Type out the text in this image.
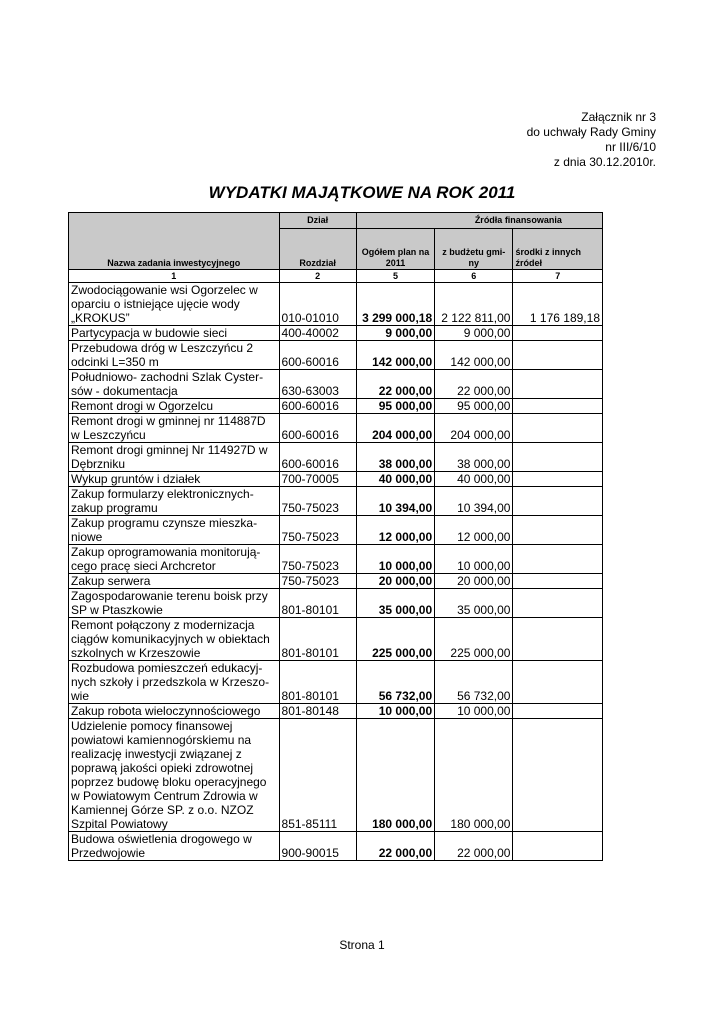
Załącznik nr 3
do uchwały Rady Gminy
nr III/6/10
z dnia 30.12.2010r.
WYDATKI MAJĄTKOWE NA ROK 2011
Nazwa zadania inwestycyjnego	Dział		Źródła finansowania	
	Rozdział	Ogółem plan na 2011	z budżetu gmi- ny	środki z innych źródeł
1	2	5	6	7
Zwodociągowanie wsi Ogorzelec w oparciu o istniejące ujęcie wody „KROKUS”	010-01010	3 299 000,18	2 122 811,00	1 176 189,18
Partycypacja w budowie sieci	400-40002	9 000,00	9 000,00	
Przebudowa dróg w Leszczyńcu 2 odcinki L=350 m	600-60016	142 000,00	142 000,00	
Południowo- zachodni Szlak Cyster- sów - dokumentacja	630-63003	22 000,00	22 000,00	
Remont drogi w Ogorzelcu	600-60016	95 000,00	95 000,00	
Remont drogi w gminnej nr 114887D w Leszczyńcu	600-60016	204 000,00	204 000,00	
Remont drogi gminnej Nr 114927D w Dębrzniku	600-60016	38 000,00	38 000,00	
Wykup gruntów i działek	700-70005	40 000,00	40 000,00	
Zakup formularzy elektronicznych- zakup programu	750-75023	10 394,00	10 394,00	
Zakup programu czynsze mieszka- niowe	750-75023	12 000,00	12 000,00	
Zakup oprogramowania monitorują- cego pracę sieci Archcretor	750-75023	10 000,00	10 000,00	
Zakup serwera	750-75023	20 000,00	20 000,00	
Zagospodarowanie terenu boisk przy SP w Ptaszkowie	801-80101	35 000,00	35 000,00	
Remont połączony z modernizacja ciągów komunikacyjnych w obiektach szkolnych w Krzeszowie	801-80101	225 000,00	225 000,00	
Rozbudowa pomieszczeń edukacyj- nych szkoły i przedszkola w Krzeszo- wie	801-80101	56 732,00	56 732,00	
Zakup robota wieloczynnościowego	801-80148	10 000,00	10 000,00	
Udzielenie pomocy finansowej powiatowi kamiennogórskiemu na realizację inwestycji związanej z poprawą jakości opieki zdrowotnej poprzez budowę bloku operacyjnego w Powiatowym Centrum Zdrowia w Kamiennej Górze SP. z o.o. NZOZ Szpital Powiatowy	851-85111	180 000,00	180 000,00	
Budowa oświetlenia drogowego w Przedwojowie	900-90015	22 000,00	22 000,00	
Strona 1
